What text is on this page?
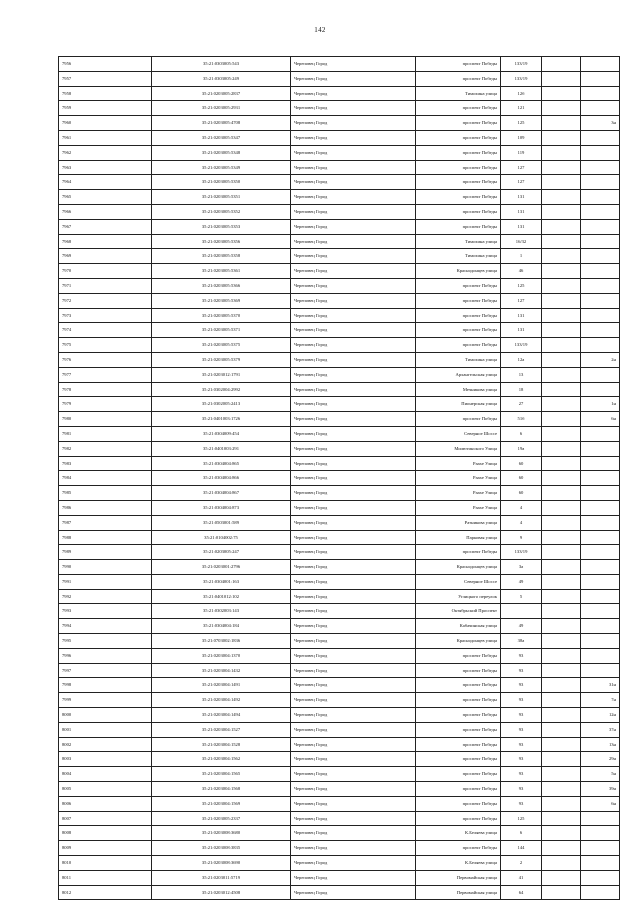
142
7956	35:21:0303005:543	Череповец Город	проспект Победы	133/19		
7957	35:21:0303005:249	Череповец Город	проспект Победы	133/19		
7958	35:21:0203005:2837	Череповец Город	Тимохина улица	12б		
7959	35:21:0203005:2931	Череповец Город	проспект Победы	121		
7960	35:21:0203005:4708	Череповец Город	проспект Победы	125		3н
7961	35:21:0203005:5347	Череповец Город	проспект Победы	109		
7962	35:21:0203005:5348	Череповец Город	проспект Победы	119		
7963	35:21:0203005:5349	Череповец Город	проспект Победы	127		
7964	35:21:0203005:5350	Череповец Город	проспект Победы	127		
7965	35:21:0203005:5351	Череповец Город	проспект Победы	131		
7966	35:21:0203005:5352	Череповец Город	проспект Победы	131		
7967	35:21:0203005:5353	Череповец Город	проспект Победы	131		
7968	35:21:0203005:5356	Череповец Город	Тимохина улица	16/32		
7969	35:21:0203005:5358	Череповец Город	Тимохина улица	1		
7970	35:21:0203005:5361	Череповец Город	Краснодонцев улица	46		
7971	35:21:0203005:5366	Череповец Город	проспект Победы	125		
7972	35:21:0203005:5369	Череповец Город	проспект Победы	127		
7973	35:21:0203005:5370	Череповец Город	проспект Победы	131		
7974	35:21:0203005:5371	Череповец Город	проспект Победы	131		
7975	35:21:0203005:5375	Череповец Город	проспект Победы	133/19		
7976	35:21:0203005:5379	Череповец Город	Тимохина улица	12а		2н
7977	35:21:0203012:1791	Череповец Город	Архангельская улица	13		
7978	35:21:0302004:2992	Череповец Город	Мечникова улица	18		
7979	35:21:0302005:2413	Череповец Город	Пионерская улица	27		1н
7980	35:21:0401003:1726	Череповец Город	проспект Победы	51б		6н
7981	35:21:0304009:454	Череповец Город	Северное Шоссе	6		
7982	35:21:0401003:291	Череповец Город	Милютинского Улица	19а		
7983	35:21:0304004:865	Череповец Город	Раахе Улица	60		
7984	35:21:0304004:866	Череповец Город	Раахе Улица	60		
7985	35:21:0304004:867	Череповец Город	Раахе Улица	60		
7986	35:21:0304004:873	Череповец Город	Раахе Улица	4		
7987	35:21:0503001:589	Череповец Город	Ратникова улица	4		
7988	35:21:0104002:75	Череповец Город	Парковая улица	9		
7989	35:21:0203005:247	Череповец Город	проспект Победы	133/19		
7990	35:21:0203001:2796	Череповец Город	Краснодонцев улица	3а		
7991	35:21:0304001:163	Череповец Город	Северное Шоссе	49		
7992	35:21:0401012:102	Череповец Город	Углицкого переулок	5		
7993	35:21:0302003:143	Череповец Город	Октябрьский Проспект			
7994	35:21:0304004:184	Череповец Город	Кабачинская улица	49		
7995	35:21:0703002:1836	Череповец Город	Краснодонцев улица	38а		
7996	35:21:0203004:1370	Череповец Город	проспект Победы	93		
7997	35:21:0203004:1432	Череповец Город	проспект Победы	93		
7998	35:21:0203004:1491	Череповец Город	проспект Победы	93		31н
7999	35:21:0203004:1492	Череповец Город	проспект Победы	93		7н
8000	35:21:0203004:1494	Череповец Город	проспект Победы	93		12н
8001	35:21:0203004:1527	Череповец Город	проспект Победы	93		37н
8002	35:21:0203004:1528	Череповец Город	проспект Победы	93		13н
8003	35:21:0203004:1562	Череповец Город	проспект Победы	93		29н
8004	35:21:0203004:1565	Череповец Город	проспект Победы	93		5н
8005	35:21:0203004:1568	Череповец Город	проспект Победы	93		39н
8006	35:21:0203004:1569	Череповец Город	проспект Победы	93		6н
8007	35:21:0203005:2337	Череповец Город	проспект Победы	125		
8008	35:21:0203008:3680	Череповец Город	К.Беляева улица	6		
8009	35:21:0203008:3835	Череповец Город	проспект Победы	144		
8010	35:21:0203008:3690	Череповец Город	К.Беляева улица	2		
8011	35:21:0203011:5719	Череповец Город	Первомайская улица	41		
8012	35:21:0203012:4508	Череповец Город	Первомайская улица	64		
